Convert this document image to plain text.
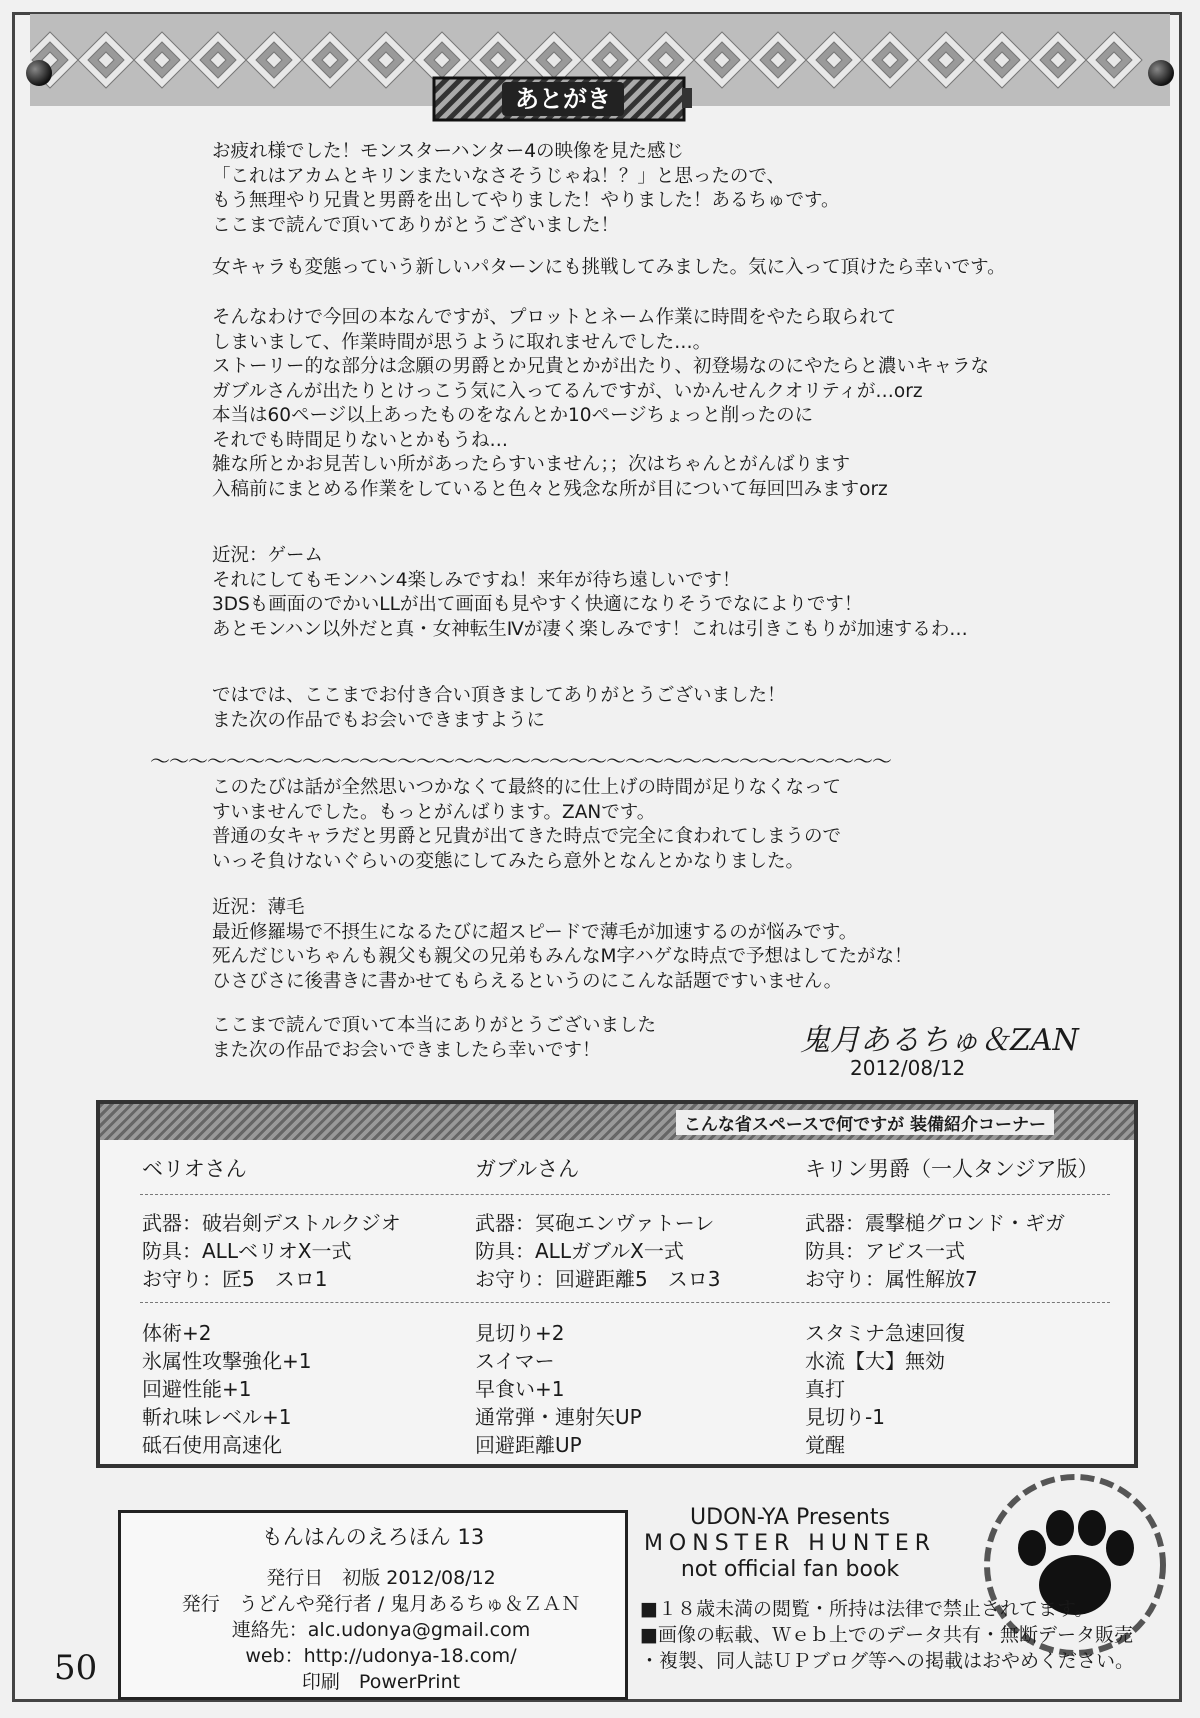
あとがき
お疲れ様でした！モンスターハンター4の映像を見た感じ
「これはアカムとキリンまたいなさそうじゃね！？」と思ったので、
もう無理やり兄貴と男爵を出してやりました！やりました！あるちゅです。
ここまで読んで頂いてありがとうございました！
女キャラも変態っていう新しいパターンにも挑戦してみました。気に入って頂けたら幸いです。
そんなわけで今回の本なんですが、プロットとネーム作業に時間をやたら取られて
しまいまして、作業時間が思うように取れませんでした…。
ストーリー的な部分は念願の男爵とか兄貴とかが出たり、初登場なのにやたらと濃いキャラな
ガブルさんが出たりとけっこう気に入ってるんですが、いかんせんクオリティが…orz
本当は60ページ以上あったものをなんとか10ページちょっと削ったのに
それでも時間足りないとかもうね…
雑な所とかお見苦しい所があったらすいません；；次はちゃんとがんばります
入稿前にまとめる作業をしていると色々と残念な所が目について毎回凹みますorz
近況：ゲーム
それにしてもモンハン4楽しみですね！来年が待ち遠しいです！
3DSも画面のでかいLLが出て画面も見やすく快適になりそうでなによりです！
あとモンハン以外だと真・女神転生Ⅳが凄く楽しみです！これは引きこもりが加速するわ…
ではでは、ここまでお付き合い頂きましてありがとうございました！
また次の作品でもお会いできますように
〜〜〜〜〜〜〜〜〜〜〜〜〜〜〜〜〜〜〜〜〜〜〜〜〜〜〜〜〜〜〜〜〜〜〜〜〜〜〜
このたびは話が全然思いつかなくて最終的に仕上げの時間が足りなくなって
すいませんでした。もっとがんばります。ZANです。
普通の女キャラだと男爵と兄貴が出てきた時点で完全に食われてしまうので
いっそ負けないぐらいの変態にしてみたら意外となんとかなりました。
近況：薄毛
最近修羅場で不摂生になるたびに超スピードで薄毛が加速するのが悩みです。
死んだじいちゃんも親父も親父の兄弟もみんなM字ハゲな時点で予想はしてたがな！
ひさびさに後書きに書かせてもらえるというのにこんな話題ですいません。
ここまで読んで頂いて本当にありがとうございました
また次の作品でお会いできましたら幸いです！	鬼月あるちゅ＆ZAN
2012/08/12
こんな省スペースで何ですが 装備紹介コーナー
ベリオさん
武器：破岩剣デストルクジオ
防具：ALLベリオX一式
お守り：匠5　スロ1
体術+2
氷属性攻撃強化+1
回避性能+1
斬れ味レベル+1
砥石使用高速化
ガブルさん
武器：冥砲エンヴァトーレ
防具：ALLガブルX一式
お守り：回避距離5　スロ3
見切り+2
スイマー
早食い+1
通常弾・連射矢UP
回避距離UP
キリン男爵（一人タンジア版）
武器：震撃槌グロンド・ギガ
防具：アビス一式
お守り：属性解放7
スタミナ急速回復
水流【大】無効
真打
見切り-1
覚醒
もんはんのえろほん 13
発行日　初版 2012/08/12
発行　うどんや発行者 / 鬼月あるちゅ＆ＺＡＮ
連絡先：alc.udonya@gmail.com
web：http://udonya-18.com/
印刷　PowerPrint
UDON-YA Presents
MONSTER HUNTER
not official fan book
■１８歳未満の閲覧・所持は法律で禁止されてます。
■画像の転載、Ｗｅｂ上でのデータ共有・無断データ販売
・複製、同人誌ＵＰブログ等への掲載はおやめください。
50
